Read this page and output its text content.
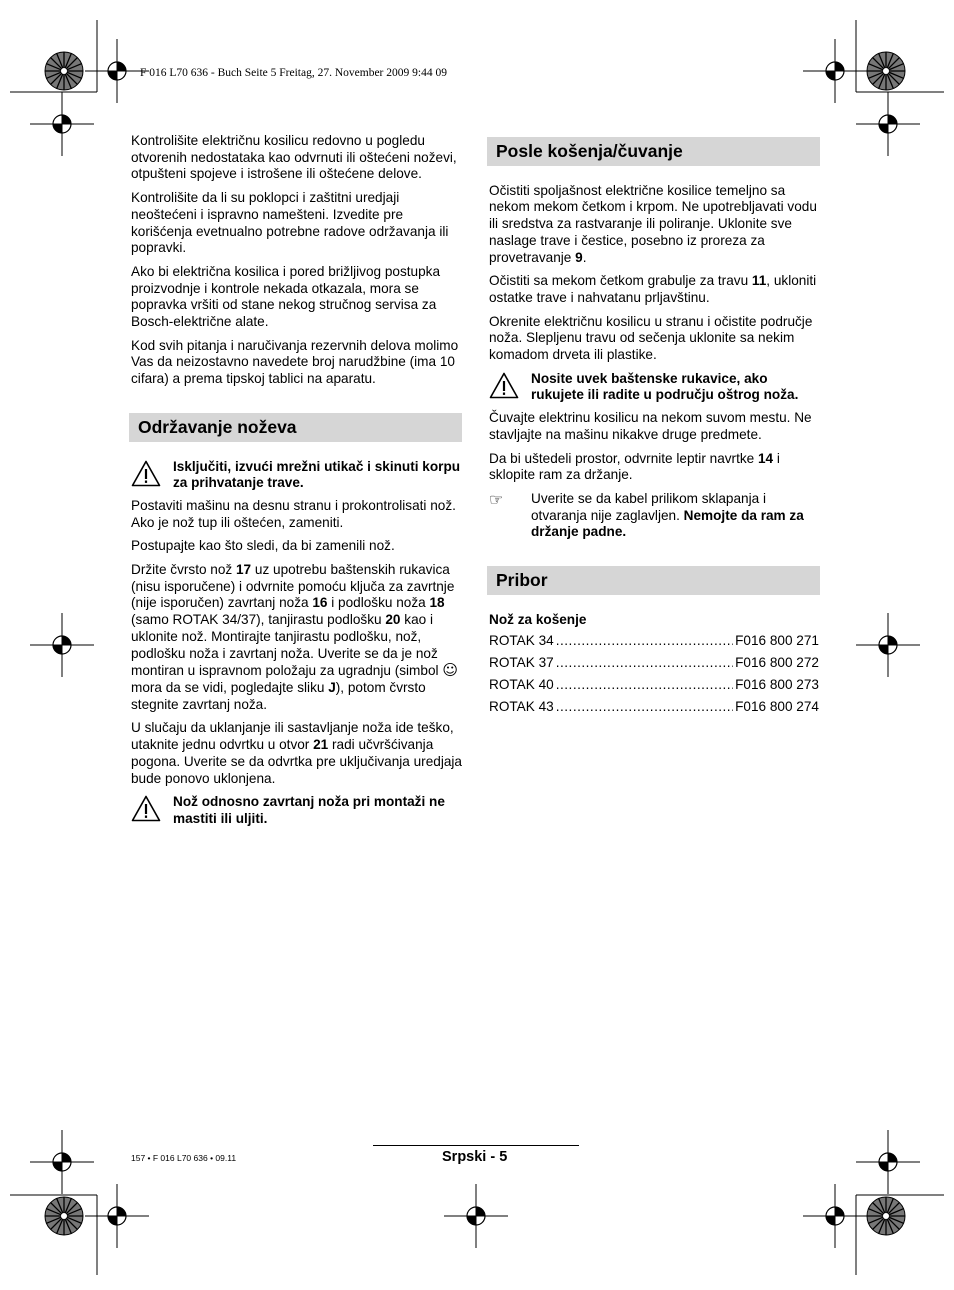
F 016 L70 636 - Buch Seite 5 Freitag, 27. November 2009 9:44 09

Kontrolišite električnu kosilicu redovno u pogledu otvorenih nedostataka kao odvrnuti ili oštećeni noževi, otpušteni spojeve i istrošene ili oštećene delove.

Kontrolišite da li su poklopci i zaštitni uredjaji neoštećeni i ispravno namešteni. Izvedite pre korišćenja evetnualno potrebne radove održavanja ili popravki.

Ako bi električna kosilica i pored brižljivog postupka proizvodnje i kontrole nekada otkazala, mora se popravka vršiti od stane nekog stručnog servisa za Bosch-električne alate.

Kod svih pitanja i naručivanja rezervnih delova molimo Vas da neizostavno navedete broj narudžbine (ima 10 cifara) a prema tipskoj tablici na aparatu.

Održavanje noževa
Isključiti, izvući mrežni utikač i skinuti korpu za prihvatanje trave.

Postaviti mašinu na desnu stranu i prokontrolisati nož. Ako je nož tup ili oštećen, zameniti.

Postupajte kao što sledi, da bi zamenili nož.

Držite čvrsto nož 17 uz upotrebu baštenskih rukavica (nisu isporučene) i odvrnite pomoću ključa za zavrtnje (nije isporučen) zavrtanj noža 16 i podlošku noža 18 (samo ROTAK 34/37), tanjirastu podlošku 20 kao i uklonite nož. Montirajte tanjirastu podlošku, nož, podlošku noža i zavrtanj noža. Uverite se da je nož montiran u ispravnom položaju za ugradnju (simbol ☺ mora da se vidi, pogledajte sliku J), potom čvrsto stegnite zavrtanj noža.

U slučaju da uklanjanje ili sastavljanje noža ide teško, utaknite jednu odvrtku u otvor 21 radi učvršćivanja pogona. Uverite se da odvrtka pre uključivanja uredjaja bude ponovo uklonjena.

Nož odnosno zavrtanj noža pri montaži ne mastiti ili uljiti.
Posle košenja/čuvanje

Očistiti spoljašnost električne kosilice temeljno sa nekom mekom četkom i krpom. Ne upotrebljavati vodu ili sredstva za rastvaranje ili poliranje. Uklonite sve naslage trave i čestice, posebno iz proreza za provetravanje 9.

Očistiti sa mekom četkom grabulje za travu 11, ukloniti ostatke trave i nahvatanu prljavštinu.

Okrenite električnu kosilicu u stranu i očistite područje noža. Slepljenu travu od sečenja uklonite sa nekim komadom drveta ili plastike.

Nosite uvek baštenske rukavice, ako rukujete ili radite u području oštrog noža.

Čuvajte elektrinu kosilicu na nekom suvom mestu. Ne stavljajte na mašinu nikakve druge predmete.

Da bi uštedeli prostor, odvrnite leptir navrtke 14 i sklopite ram za držanje.

☞	Uverite se da kabel prilikom sklapanja i otvaranja nije zaglavljen. Nemojte da ram za držanje padne.
Pribor
Nož za košenje
ROTAK 34 .....	F016 800 271
ROTAK 37 .....	F016 800 272
ROTAK 40 .....	F016 800 273
ROTAK 43 .....	F016 800 274
157 • F 016 L70 636 • 09.11	Srpski - 5
